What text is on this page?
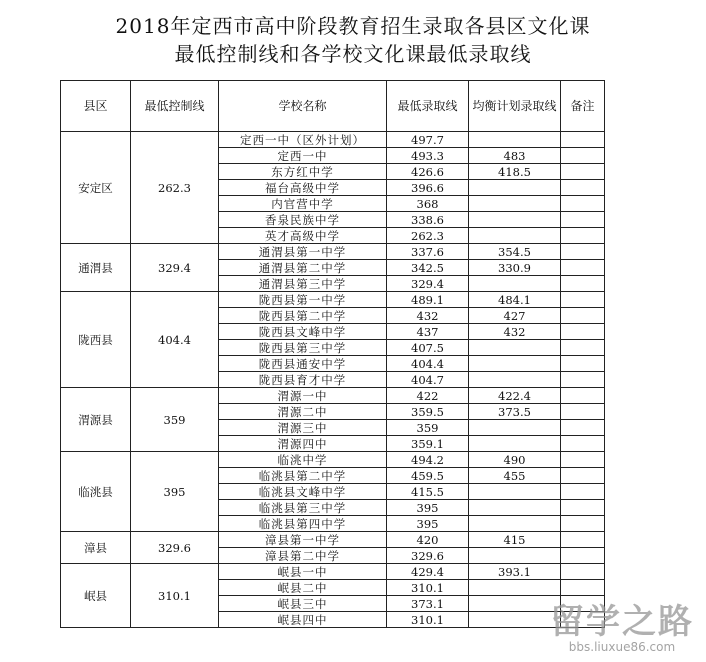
2018年定西市高中阶段教育招生录取各县区文化课
最低控制线和各学校文化课最低录取线
县区	最低控制线	学校名称	最低录取线	均衡计划录取线	备注
安定区	262.3	定西一中（区外计划）	497.7		
		定西一中	493.3	483	
		东方红中学	426.6	418.5	
		福台高级中学	396.6		
		内官营中学	368		
		香泉民族中学	338.6		
		英才高级中学	262.3		
通渭县	329.4	通渭县第一中学	337.6	354.5	
		通渭县第二中学	342.5	330.9	
		通渭县第三中学	329.4		
陇西县	404.4	陇西县第一中学	489.1	484.1	
		陇西县第二中学	432	427	
		陇西县文峰中学	437	432	
		陇西县第三中学	407.5		
		陇西县通安中学	404.4		
		陇西县育才中学	404.7		
渭源县	359	渭源一中	422	422.4	
		渭源二中	359.5	373.5	
		渭源三中	359		
		渭源四中	359.1		
临洮县	395	临洮中学	494.2	490	
		临洮县第二中学	459.5	455	
		临洮县文峰中学	415.5		
		临洮县第三中学	395		
		临洮县第四中学	395		
漳县	329.6	漳县第一中学	420	415	
		漳县第二中学	329.6		
岷县	310.1	岷县一中	429.4	393.1	
		岷县二中	310.1		
		岷县三中	373.1		
		岷县四中	310.1			留学之路
bbs.liuxue86.com
